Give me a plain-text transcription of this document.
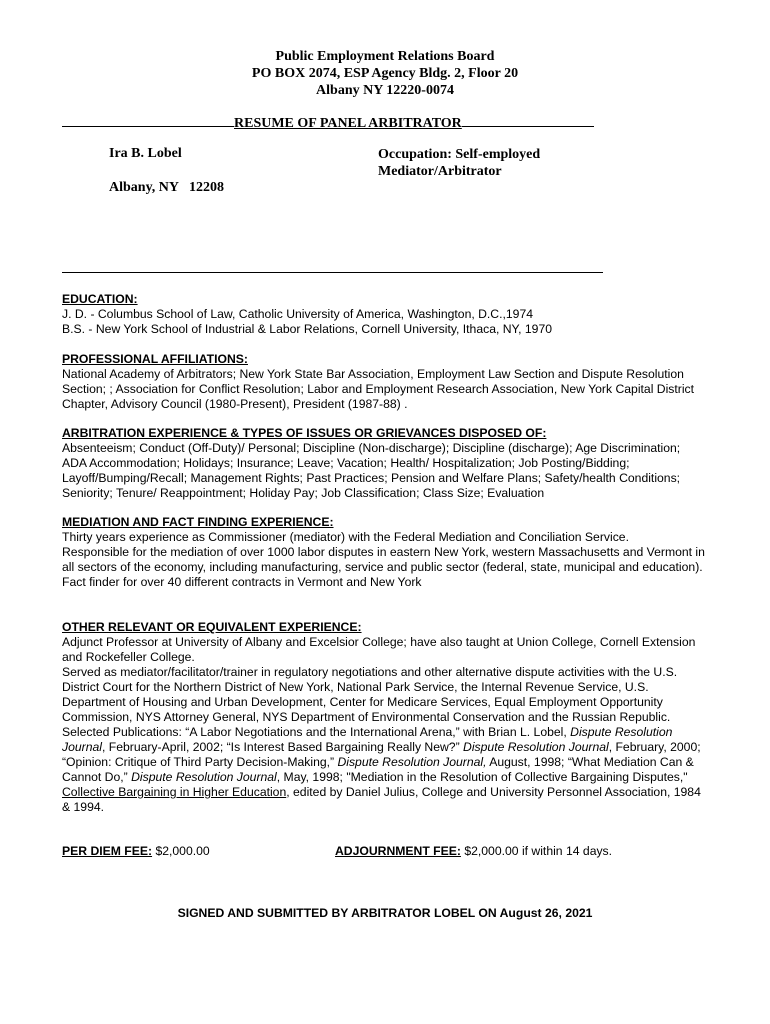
Public Employment Relations Board
PO BOX 2074, ESP Agency Bldg. 2, Floor 20
Albany NY 12220-0074
RESUME OF PANEL ARBITRATOR
Ira B. Lobel
Albany, NY   12208
Occupation: Self-employed
Mediator/Arbitrator
EDUCATION:

J. D. - Columbus School of Law, Catholic University of America, Washington, D.C.,1974

B.S. - New York School of Industrial & Labor Relations, Cornell University, Ithaca, NY, 1970

PROFESSIONAL AFFILIATIONS:

National Academy of Arbitrators; New York State Bar Association, Employment Law Section and Dispute Resolution Section; ; Association for Conflict Resolution; Labor and Employment Research Association, New York Capital District Chapter, Advisory Council (1980-Present), President (1987-88) .

ARBITRATION EXPERIENCE & TYPES OF ISSUES OR GRIEVANCES DISPOSED OF:

Absenteeism; Conduct (Off-Duty)/ Personal; Discipline (Non-discharge); Discipline (discharge); Age Discrimination; ADA Accommodation; Holidays; Insurance; Leave; Vacation; Health/ Hospitalization; Job Posting/Bidding; Layoff/Bumping/Recall; Management Rights; Past Practices; Pension and Welfare Plans; Safety/health Conditions; Seniority; Tenure/ Reappointment; Holiday Pay; Job Classification; Class Size; Evaluation

MEDIATION AND FACT FINDING EXPERIENCE:

Thirty years experience as Commissioner (mediator) with the Federal Mediation and Conciliation Service.

Responsible for the mediation of over 1000 labor disputes in eastern New York, western Massachusetts and Vermont in all sectors of the economy, including manufacturing, service and public sector (federal, state, municipal and education).

Fact finder for over 40 different contracts in Vermont and New York

OTHER RELEVANT OR EQUIVALENT EXPERIENCE:

Adjunct Professor at University of Albany and Excelsior College; have also taught at Union College, Cornell Extension and Rockefeller College.

Served as mediator/facilitator/trainer in regulatory negotiations and other alternative dispute activities with the U.S. District Court for the Northern District of New York, National Park Service, the Internal Revenue Service, U.S. Department of Housing and Urban Development, Center for Medicare Services, Equal Employment Opportunity Commission, NYS Attorney General, NYS Department of Environmental Conservation and the Russian Republic.

Selected Publications: “A Labor Negotiations and the International Arena,” with Brian L. Lobel, Dispute Resolution Journal, February-April, 2002; “Is Interest Based Bargaining Really New?” Dispute Resolution Journal, February, 2000; “Opinion: Critique of Third Party Decision-Making,” Dispute Resolution Journal, August, 1998; “What Mediation Can & Cannot Do,” Dispute Resolution Journal, May, 1998; "Mediation in the Resolution of Collective Bargaining Disputes," Collective Bargaining in Higher Education, edited by Daniel Julius, College and University Personnel Association, 1984 & 1994.

PER DIEM FEE: $2,000.00	ADJOURNMENT FEE: $2,000.00 if within 14 days.
SIGNED AND SUBMITTED BY ARBITRATOR LOBEL ON August 26, 2021
